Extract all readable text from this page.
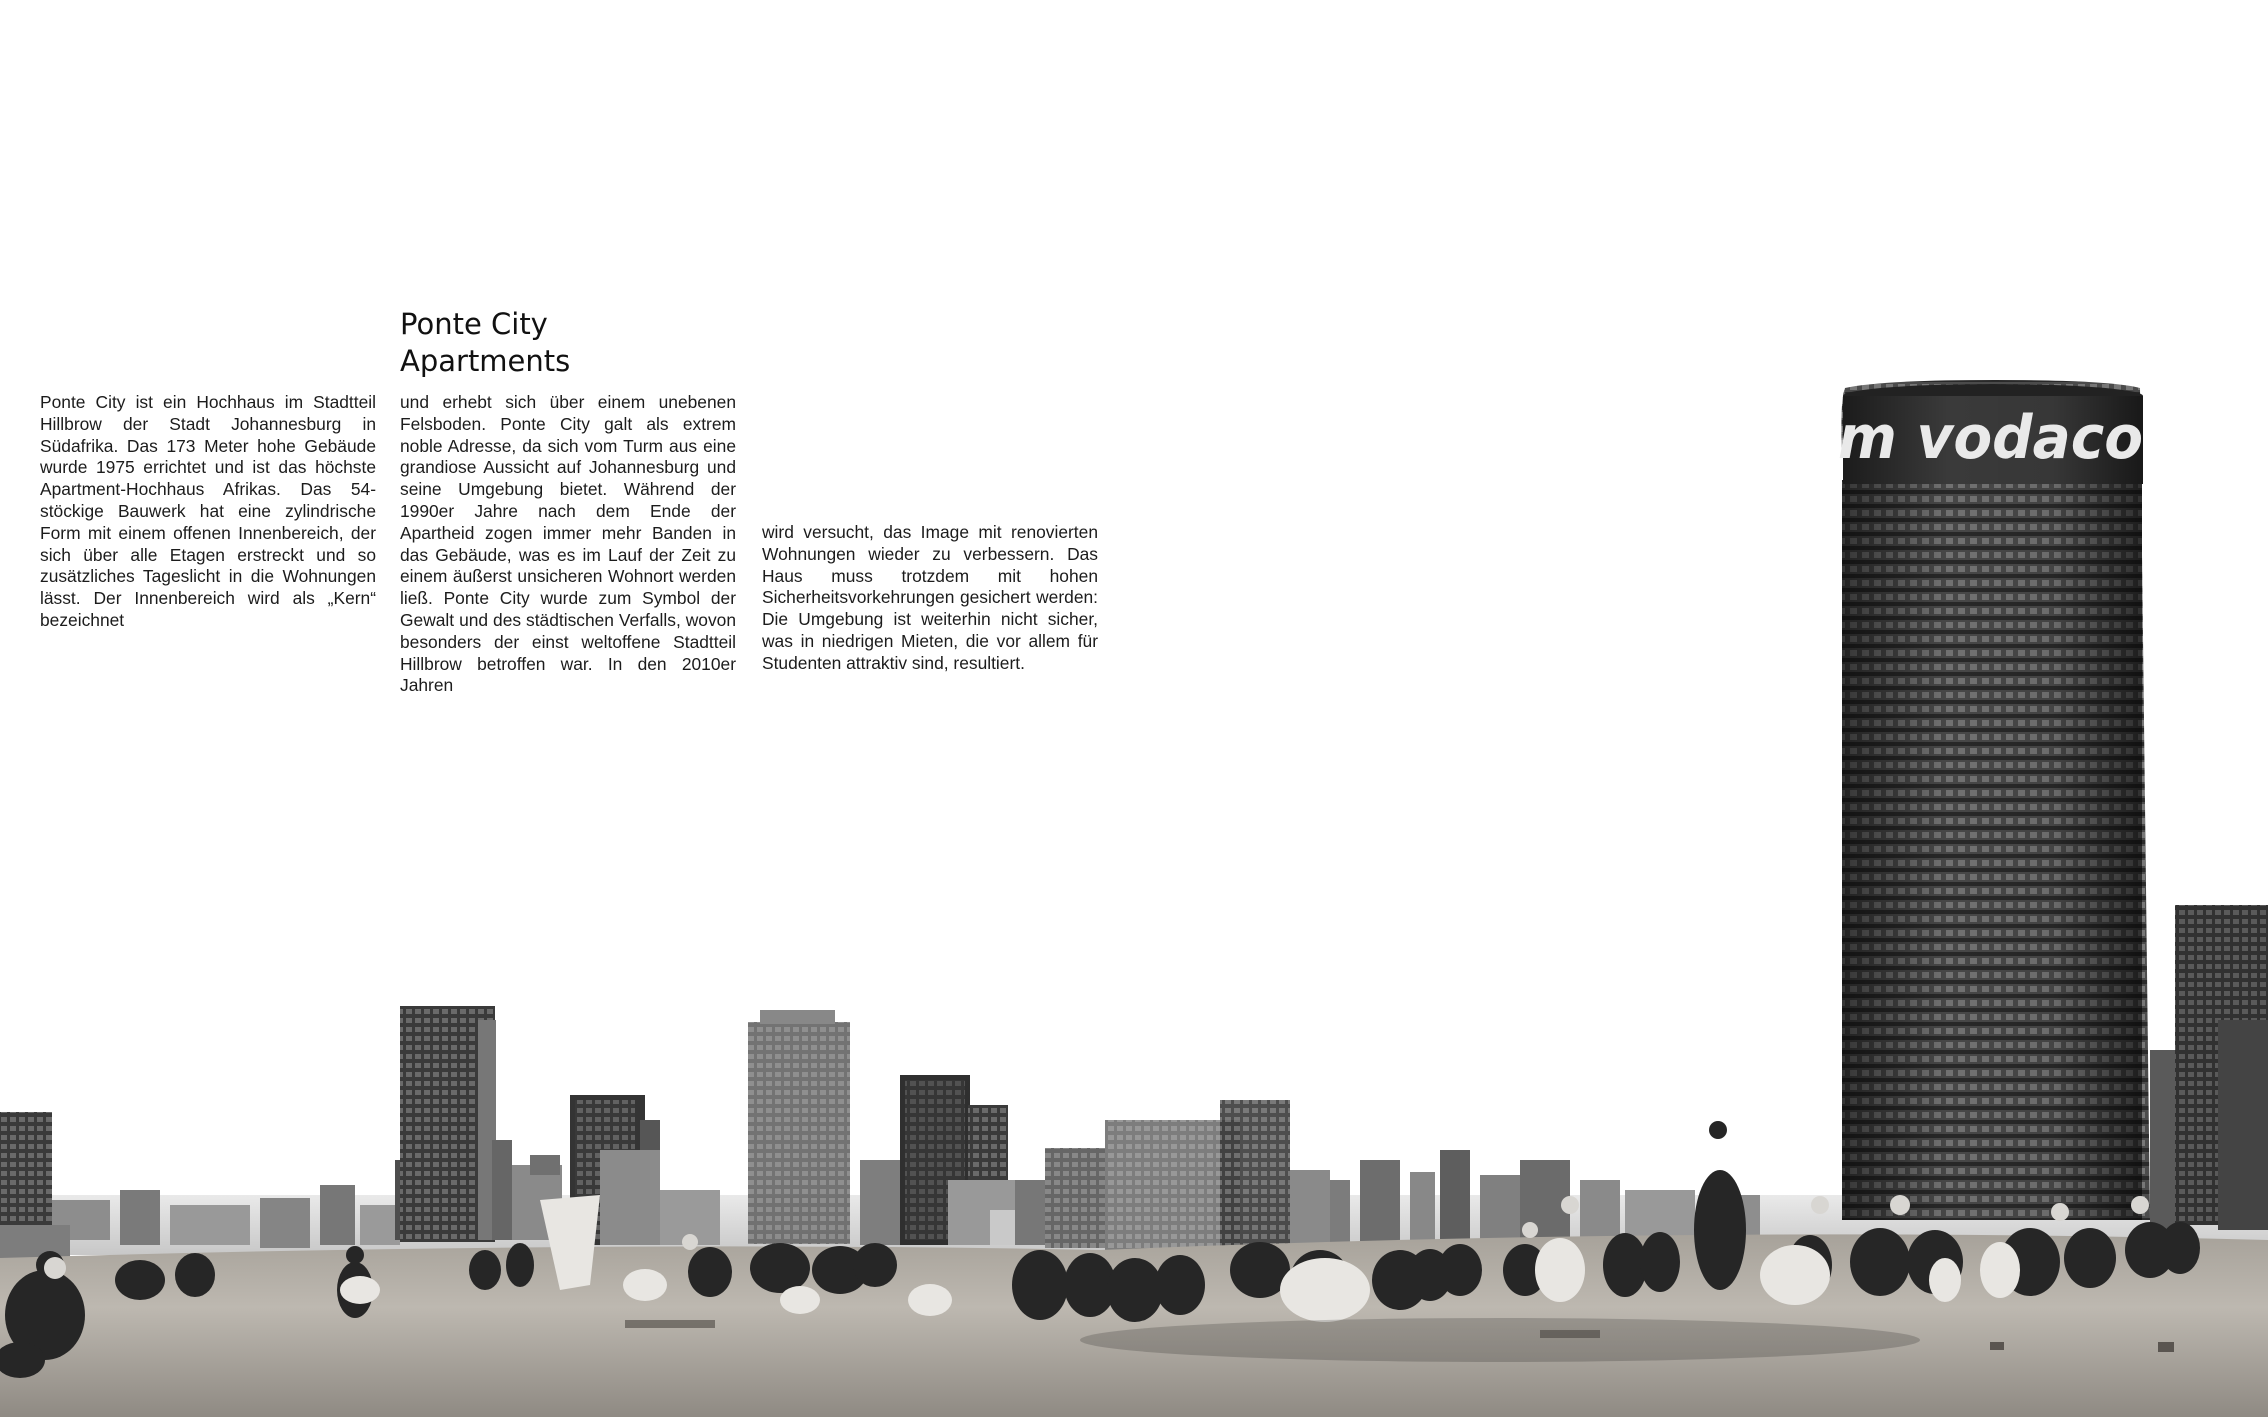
m vodaco
Ponte City
Apartments

Ponte City ist ein Hochhaus im Stadtteil Hillbrow der Stadt Johannesburg in Südafrika. Das 173 Meter hohe Gebäude wurde 1975 errichtet und ist das höchste Apartment-Hochhaus Afrikas. Das 54-stöckige Bauwerk hat eine zylindrische Form mit einem offenen Innenbereich, der sich über alle Etagen erstreckt und so zusätzliches Tageslicht in die Wohnungen lässt. Der Innenbereich wird als „Kern“ bezeichnet

und erhebt sich über einem unebenen Felsboden. Ponte City galt als extrem noble Adresse, da sich vom Turm aus eine grandiose Aussicht auf Johannesburg und seine Umgebung bietet. Während der 1990er Jahre nach dem Ende der Apartheid zogen immer mehr Banden in das Gebäude, was es im Lauf der Zeit zu einem äußerst unsicheren Wohnort werden ließ. Ponte City wurde zum Symbol der Gewalt und des städtischen Verfalls, wovon besonders der einst weltoffene Stadtteil Hillbrow betroffen war. In den 2010er Jahren

wird versucht, das Image mit renovierten Wohnungen wieder zu verbessern. Das Haus muss trotzdem mit hohen Sicherheitsvorkehrungen gesichert werden: Die Umgebung ist weiterhin nicht sicher, was in niedrigen Mieten, die vor allem für Studenten attraktiv sind, resultiert.
